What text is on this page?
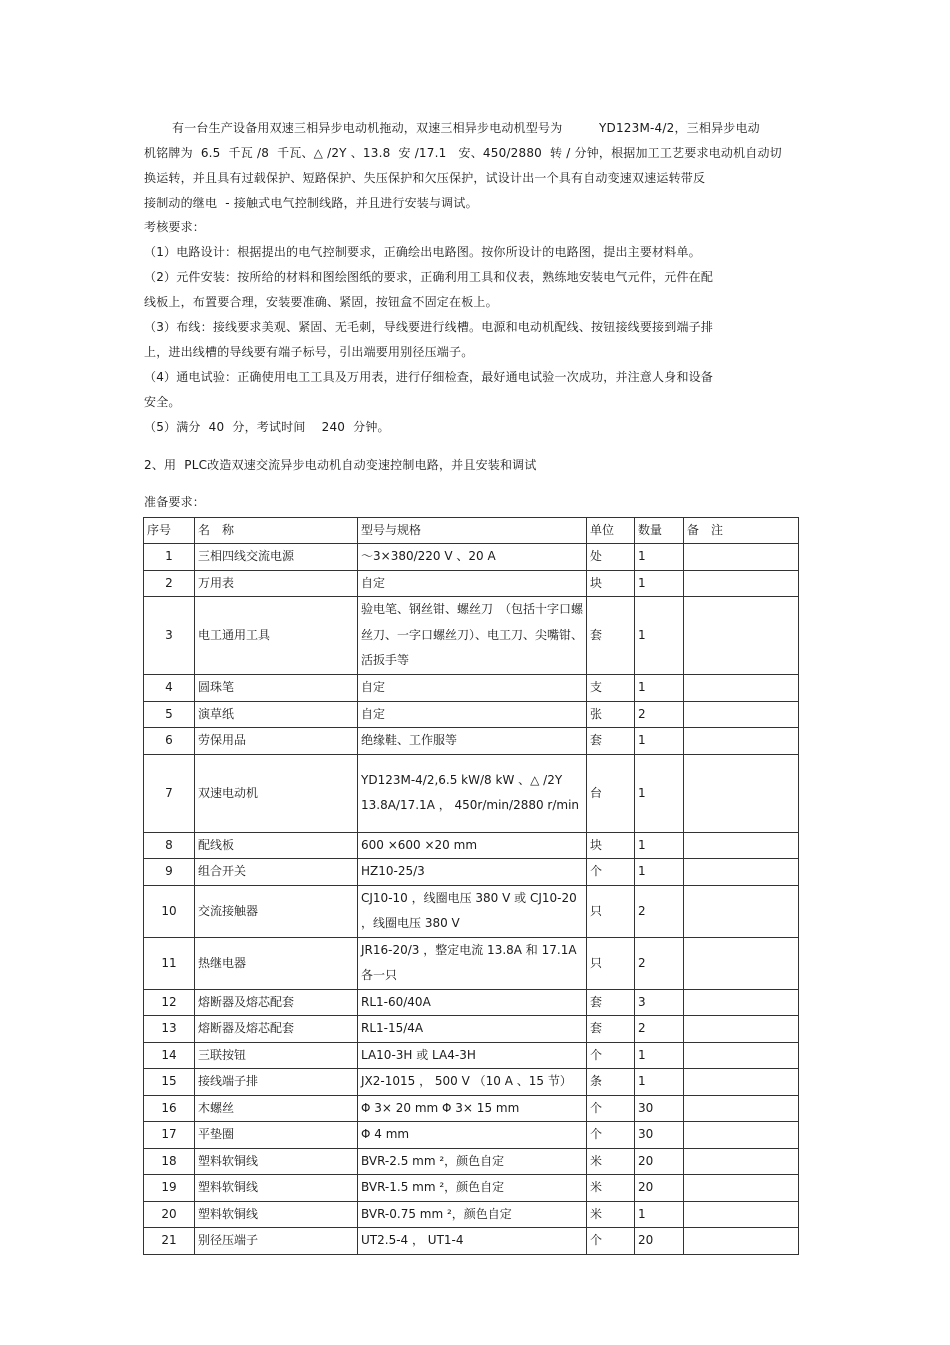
有一台生产设备用双速三相异步电动机拖动，双速三相异步电动机型号为　　　YD123M-4/2，三相异步电动
机铭牌为  6.5  千瓦 /8  千瓦、△ /2Y 、13.8  安 /17.1   安、450/2880  转 / 分钟，根据加工工艺要求电动机自动切
换运转，并且具有过载保护、短路保护、失压保护和欠压保护，试设计出一个具有自动变速双速运转带反
接制动的继电  - 接触式电气控制线路，并且进行安装与调试。
考核要求：
（1）电路设计：根据提出的电气控制要求，正确绘出电路图。按你所设计的电路图，提出主要材料单。
（2）元件安装：按所给的材料和图绘图纸的要求，正确利用工具和仪表，熟练地安装电气元件，元件在配
线板上，布置要合理，安装要准确、紧固，按钮盒不固定在板上。
（3）布线：接线要求美观、紧固、无毛刺，导线要进行线槽。电源和电动机配线、按钮接线要接到端子排
上，进出线槽的导线要有端子标号，引出端要用别径压端子。
（4）通电试验：正确使用电工工具及万用表，进行仔细检查，最好通电试验一次成功，并注意人身和设备
安全。
（5）满分  40  分，考试时间    240  分钟。
2、用  PLC改造双速交流异步电动机自动变速控制电路，并且安装和调试
准备要求：
序号	名　称	型号与规格	单位	数量	备　注
1	三相四线交流电源	～3×380/220 V 、20 A	处	1	
2	万用表	自定	块	1	
3	电工通用工具	验电笔、钢丝钳、螺丝刀　（包括十字口螺丝刀、一字口螺丝刀）、电工刀、尖嘴钳、活扳手等	套	1	
4	圆珠笔	自定	支	1	
5	演草纸	自定	张	2	
6	劳保用品	绝缘鞋、工作服等	套	1	
7	双速电动机	YD123M-4/2,6.5 kW/8 kW 、△ /2Y 13.8A/17.1A ， 450r/min/2880 r/min	台	1	
8	配线板	600 ×600 ×20 mm	块	1	
9	组合开关	HZ10-25/3	个	1	
10	交流接触器	CJ10-10 ，线圈电压 380 V 或 CJ10-20 ，线圈电压 380 V	只	2	
11	热继电器	JR16-20/3 ，整定电流 13.8A 和 17.1A 各一只	只	2	
12	熔断器及熔芯配套	RL1-60/40A	套	3	
13	熔断器及熔芯配套	RL1-15/4A	套	2	
14	三联按钮	LA10-3H 或 LA4-3H	个	1	
15	接线端子排	JX2-1015 ， 500 V （10 A 、15 节）	条	1	
16	木螺丝	Φ 3× 20 mm Φ 3× 15 mm	个	30	
17	平垫圈	Φ 4 mm	个	30	
18	塑料软铜线	BVR-2.5 mm ²，颜色自定	米	20	
19	塑料软铜线	BVR-1.5 mm ²，颜色自定	米	20	
20	塑料软铜线	BVR-0.75 mm ²，颜色自定	米	1	
21	别径压端子	UT2.5-4 ， UT1-4	个	20	
